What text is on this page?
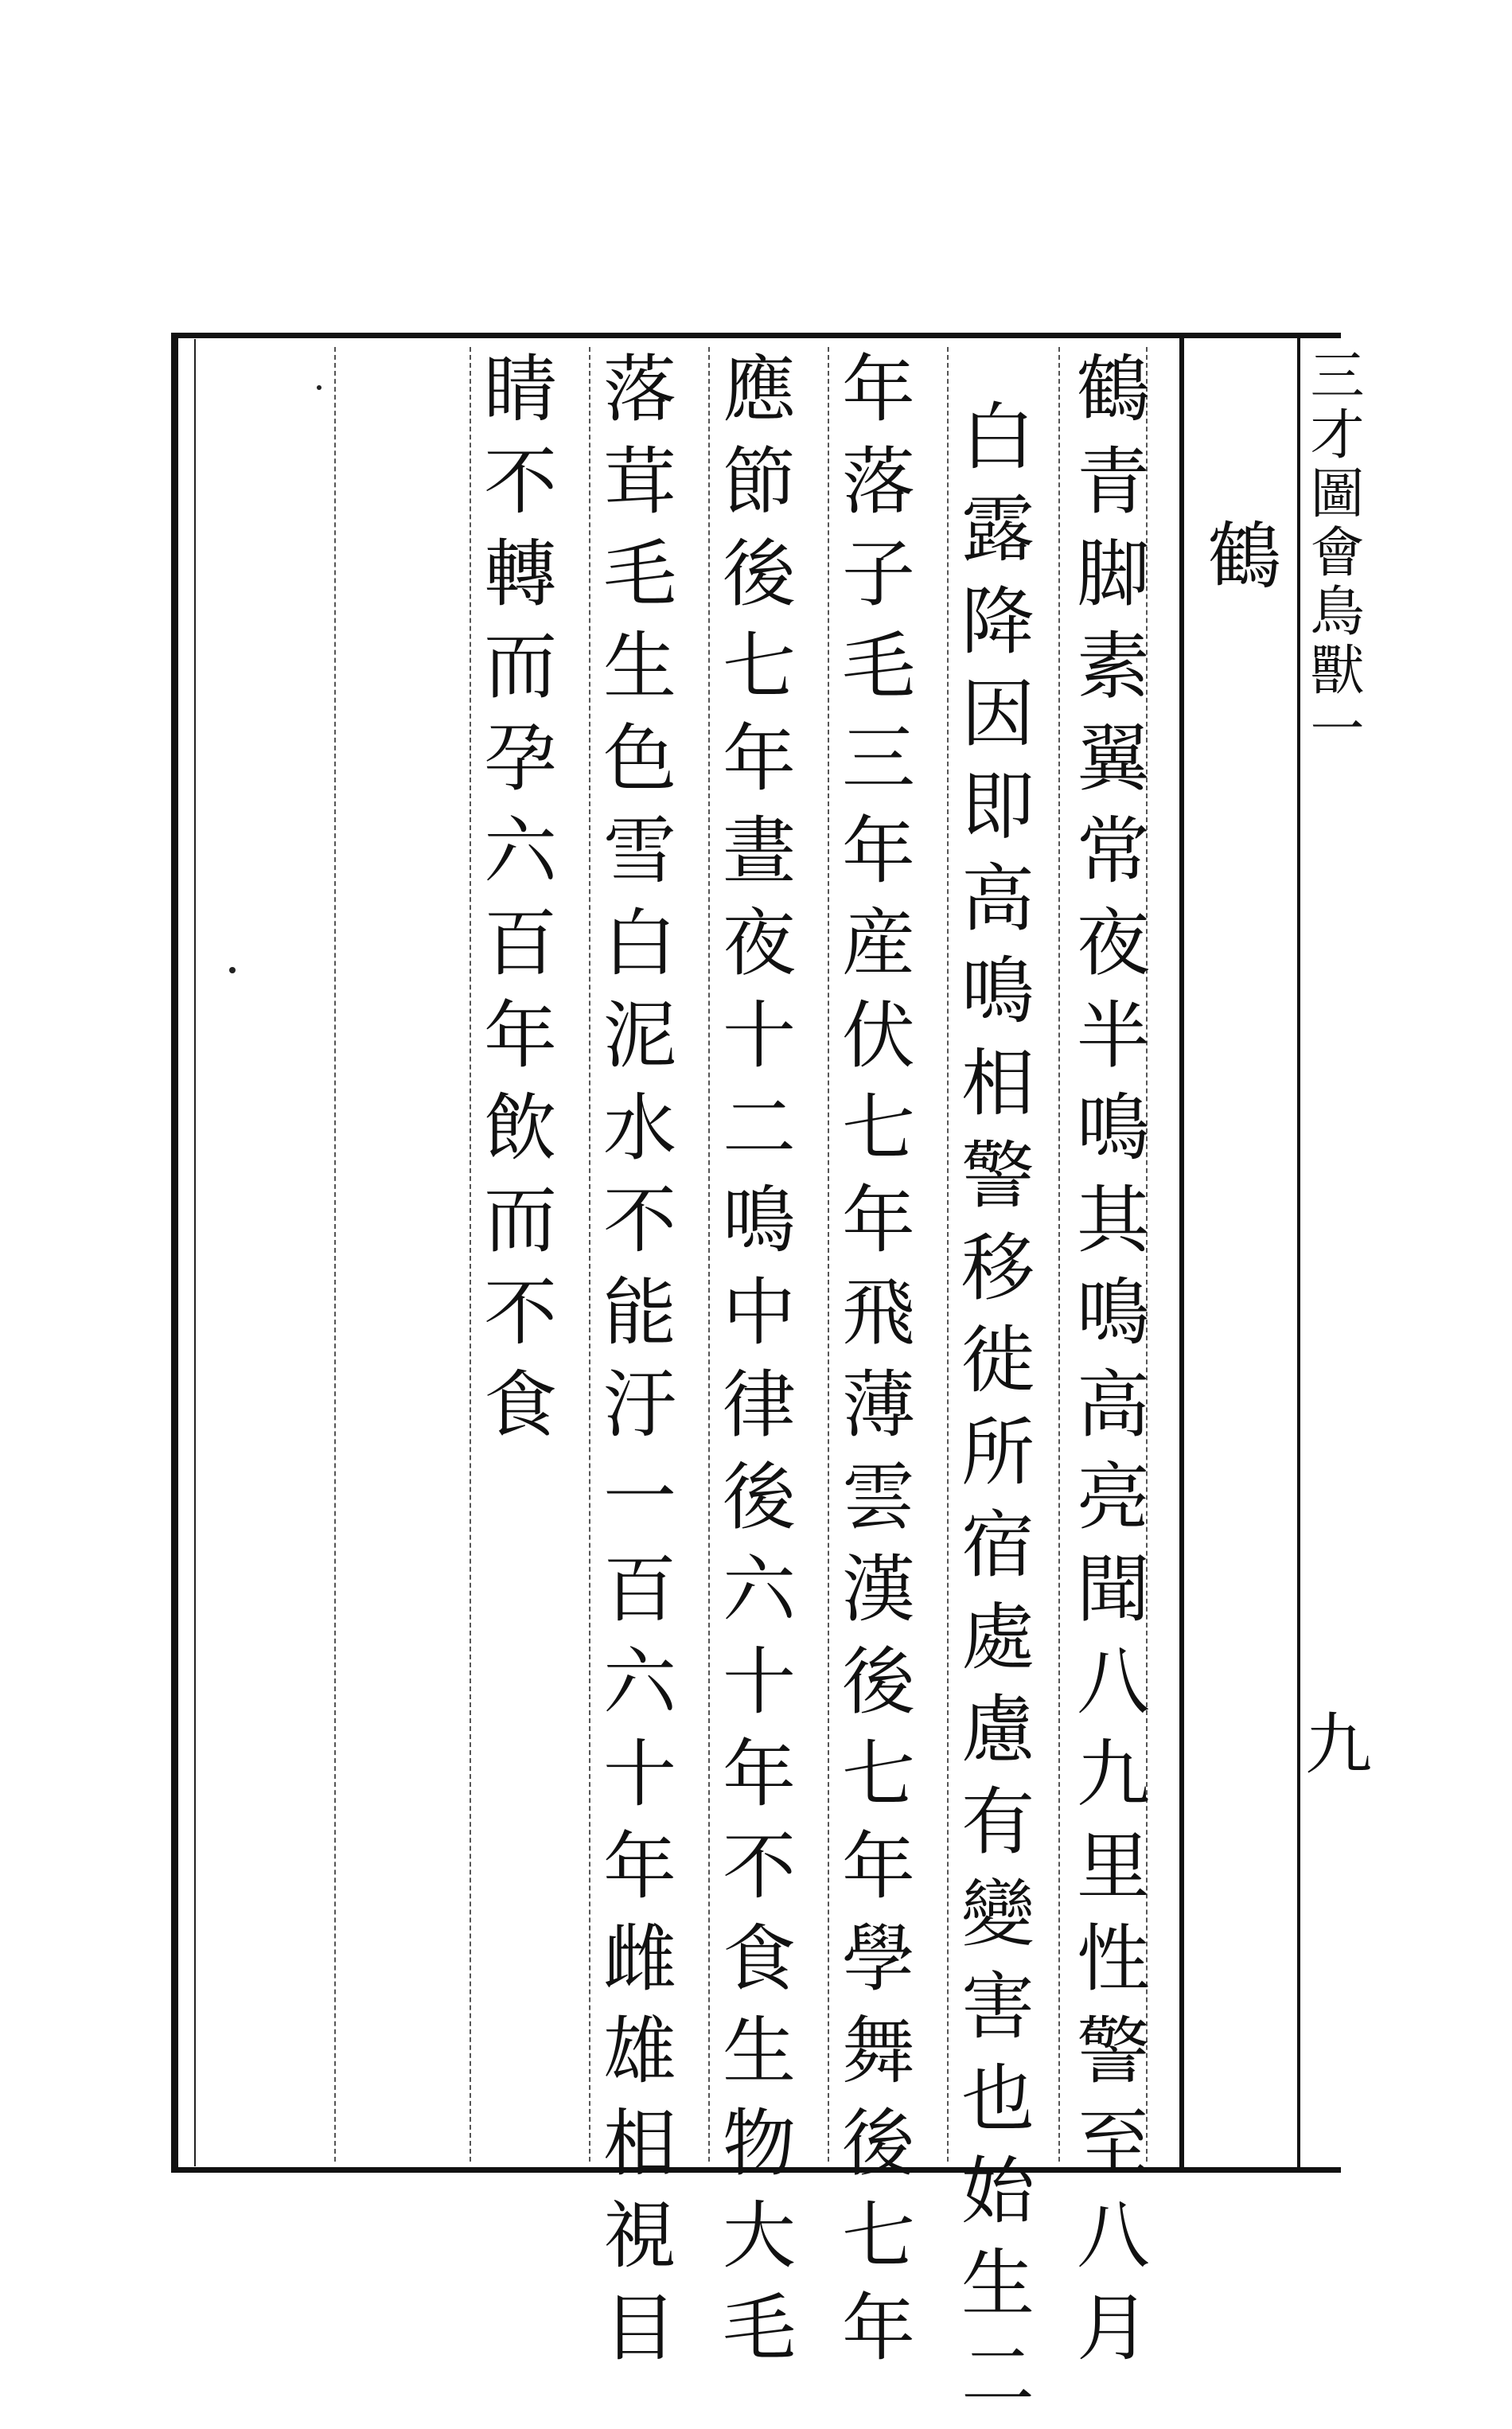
三才圖會鳥獸一
九
鶴
鶴青脚素翼常夜半鳴其鳴高亮聞八九里性警至八月
白露降因即高鳴相警移徙所宿處慮有變害也始生二
年落子毛三年産伏七年飛薄雲漢後七年學舞後七年
應節後七年晝夜十二鳴中律後六十年不食生物大毛
落茸毛生色雪白泥水不能汙一百六十年雌雄相視目
睛不轉而孕六百年飲而不食
